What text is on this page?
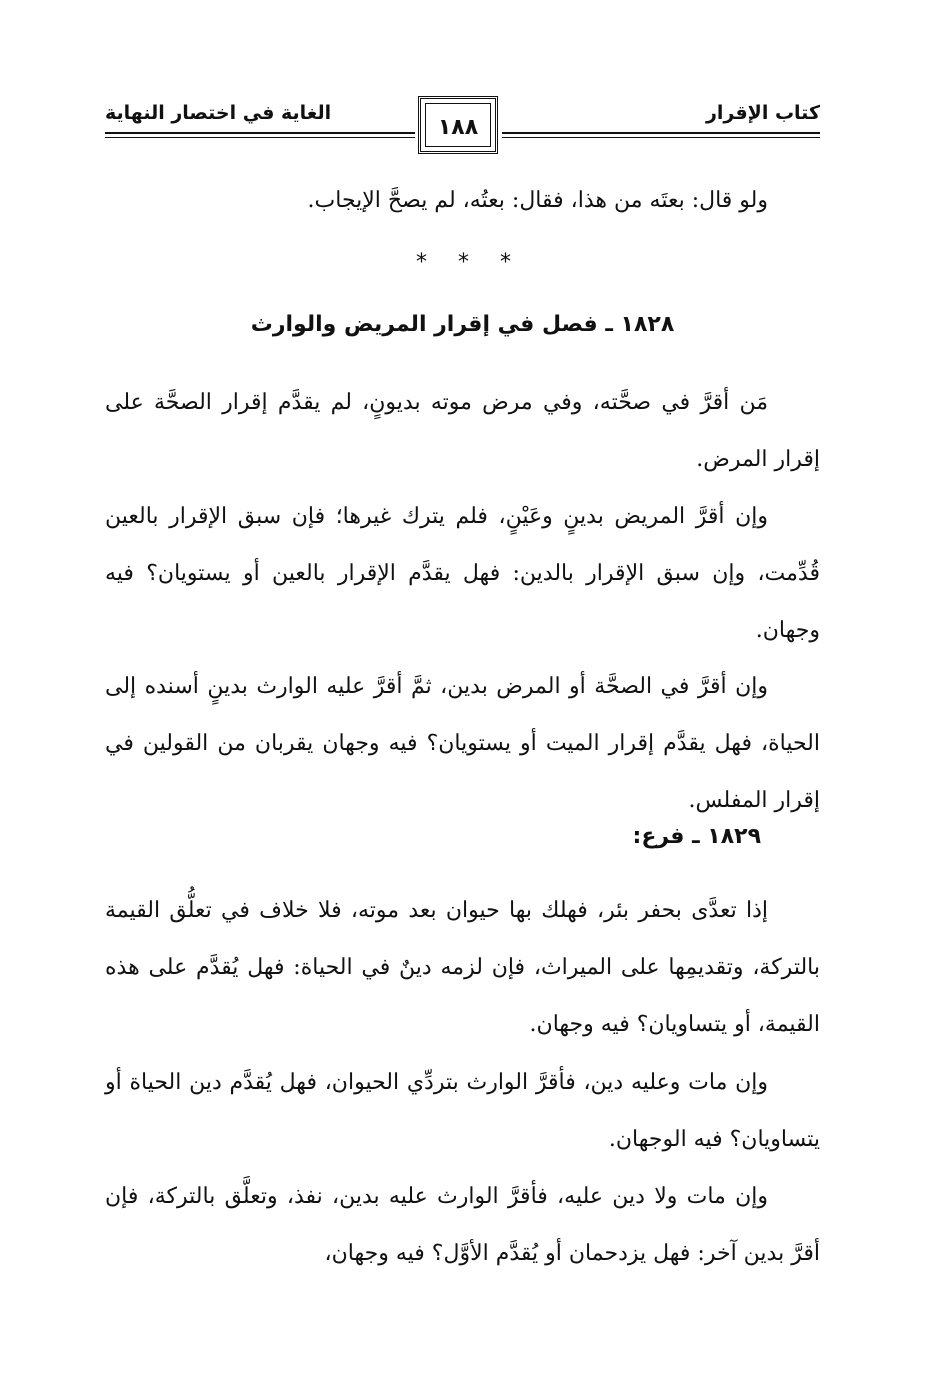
كتاب الإقرار
الغاية في اختصار النهاية
١٨٨
ولو قال: بعتَه من هذا، فقال: بعتُه، لم يصحَّ الإيجاب.
* * *
١٨٢٨ ـ فصل في إقرار المريض والوارث
مَن أقرَّ في صحَّته، وفي مرض موته بديونٍ، لم يقدَّم إقرار الصحَّة على إقرار المرض.
وإن أقرَّ المريض بدينٍ وعَيْنٍ، فلم يترك غيرها؛ فإن سبق الإقرار بالعين قُدِّمت، وإن سبق الإقرار بالدين: فهل يقدَّم الإقرار بالعين أو يستويان؟ فيه وجهان.
وإن أقرَّ في الصحَّة أو المرض بدين، ثمَّ أقرَّ عليه الوارث بدينٍ أسنده إلى الحياة، فهل يقدَّم إقرار الميت أو يستويان؟ فيه وجهان يقربان من القولين في إقرار المفلس.
١٨٢٩ ـ فرع:
إذا تعدَّى بحفر بئر، فهلك بها حيوان بعد موته، فلا خلاف في تعلُّق القيمة بالتركة، وتقديمِها على الميراث، فإن لزمه دينٌ في الحياة: فهل يُقدَّم على هذه القيمة، أو يتساويان؟ فيه وجهان.
وإن مات وعليه دين، فأقرَّ الوارث بتردِّي الحيوان، فهل يُقدَّم دين الحياة أو يتساويان؟ فيه الوجهان.
وإن مات ولا دين عليه، فأقرَّ الوارث عليه بدين، نفذ، وتعلَّق بالتركة، فإن أقرَّ بدين آخر: فهل يزدحمان أو يُقدَّم الأوَّل؟ فيه وجهان،
